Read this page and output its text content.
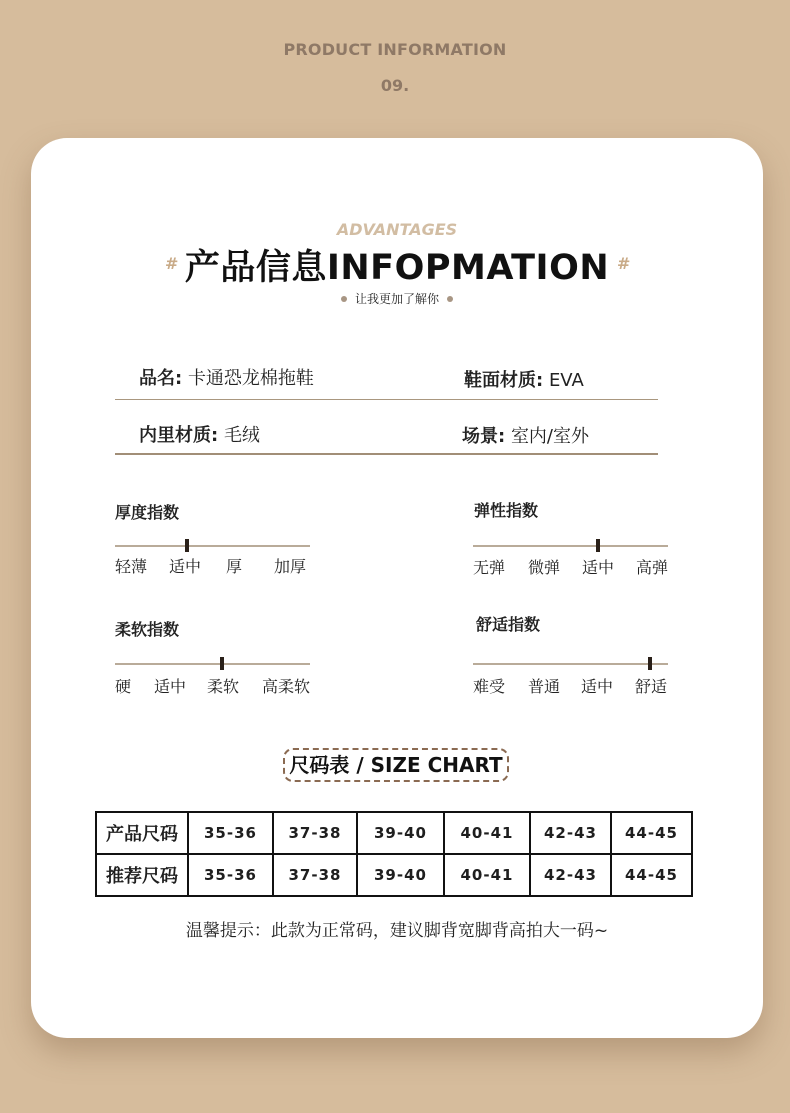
PRODUCT INFORMATION
09.
ADVANTAGES
# 产品信息INFOPMATION #
让我更加了解你
品名: 卡通恐龙棉拖鞋	鞋面材质: EVA
内里材质: 毛绒	场景: 室内/室外
厚度指数
轻薄 适中 厚 加厚
弹性指数
无弹 微弹 适中 高弹
柔软指数
硬 适中 柔软 高柔软
舒适指数
难受 普通 适中 舒适
尺码表 / SIZE CHART
产品尺码	35-36	37-38	39-40	40-41	42-43	44-45
推荐尺码	35-36	37-38	39-40	40-41	42-43	44-45
温馨提示：此款为正常码，建议脚背宽脚背高拍大一码~
